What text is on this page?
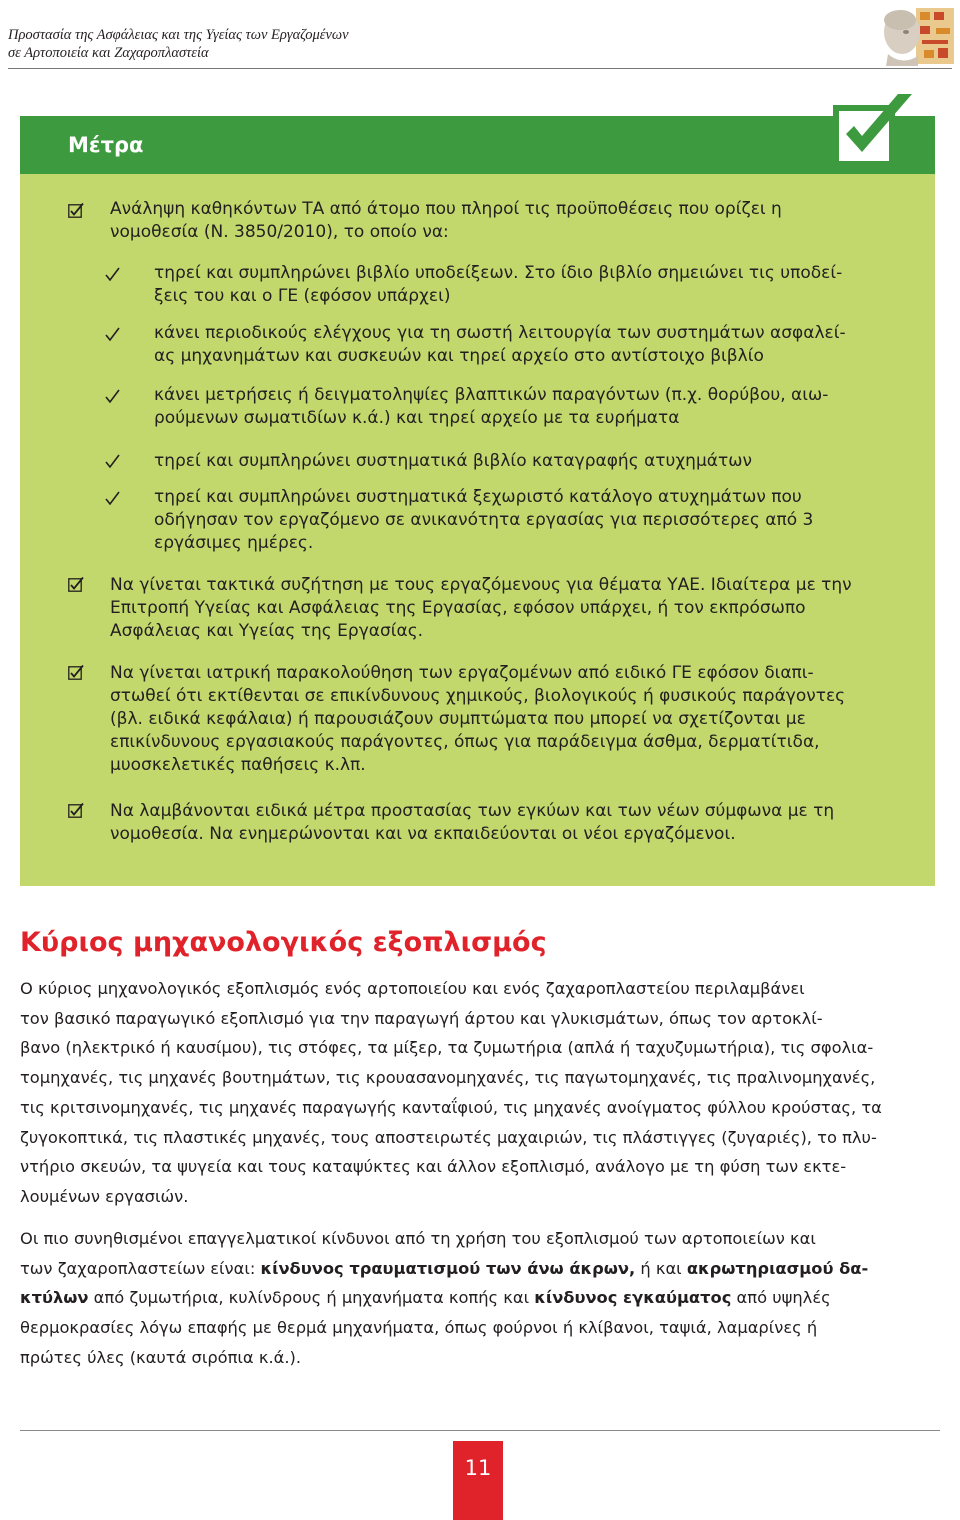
Προστασία της Ασφάλειας και της Υγείας των Εργαζομένων
σε Αρτοποιεία και Ζαχαροπλαστεία
Μέτρα

Ανάληψη καθηκόντων ΤΑ από άτομο που πληροί τις προϋποθέσεις που ορίζει η

νομοθεσία (Ν. 3850/2010), το οποίο να:

τηρεί και συμπληρώνει βιβλίο υποδείξεων. Στο ίδιο βιβλίο σημειώνει τις υποδεί-

ξεις του και ο ΓΕ (εφόσον υπάρχει)

κάνει περιοδικούς ελέγχους για τη σωστή λειτουργία των συστημάτων ασφαλεί-

ας μηχανημάτων και συσκευών και τηρεί αρχείο στο αντίστοιχο βιβλίο

κάνει μετρήσεις ή δειγματοληψίες βλαπτικών παραγόντων (π.χ. θορύβου, αιω-

ρούμενων σωματιδίων κ.ά.) και τηρεί αρχείο με τα ευρήματα

τηρεί και συμπληρώνει συστηματικά βιβλίο καταγραφής ατυχημάτων

τηρεί και συμπληρώνει συστηματικά ξεχωριστό κατάλογο ατυχημάτων που

οδήγησαν τον εργαζόμενο σε ανικανότητα εργασίας για περισσότερες από 3

εργάσιμες ημέρες.

Να γίνεται τακτικά συζήτηση με τους εργαζόμενους για θέματα ΥΑΕ. Ιδιαίτερα με την

Επιτροπή Υγείας και Ασφάλειας της Εργασίας, εφόσον υπάρχει, ή τον εκπρόσωπο

Ασφάλειας και Υγείας της Εργασίας.

Να γίνεται ιατρική παρακολούθηση των εργαζομένων από ειδικό ΓΕ εφόσον διαπι-

στωθεί ότι εκτίθενται σε επικίνδυνους χημικούς, βιολογικούς ή φυσικούς παράγοντες

(βλ. ειδικά κεφάλαια) ή παρουσιάζουν συμπτώματα που μπορεί να σχετίζονται με

επικίνδυνους εργασιακούς παράγοντες, όπως για παράδειγμα άσθμα, δερματίτιδα,

μυοσκελετικές παθήσεις κ.λπ.

Να λαμβάνονται ειδικά μέτρα προστασίας των εγκύων και των νέων σύμφωνα με τη

νομοθεσία. Να ενημερώνονται και να εκπαιδεύονται οι νέοι εργαζόμενοι.

Κύριος μηχανολογικός εξοπλισμός
Ο κύριος μηχανολογικός εξοπλισμός ενός αρτοποιείου και ενός ζαχαροπλαστείου περιλαμβάνει
τον βασικό παραγωγικό εξοπλισμό για την παραγωγή άρτου και γλυκισμάτων, όπως τον αρτοκλί-
βανο (ηλεκτρικό ή καυσίμου), τις στόφες, τα μίξερ, τα ζυμωτήρια (απλά ή ταχυζυμωτήρια), τις σφολια-
τομηχανές, τις μηχανές βουτημάτων, τις κρουασανομηχανές, τις παγωτομηχανές, τις πραλινομηχανές,
τις κριτσινομηχανές, τις μηχανές παραγωγής κανταΐφιού, τις μηχανές ανοίγματος φύλλου κρούστας, τα
ζυγοκοπτικά, τις πλαστικές μηχανές, τους αποστειρωτές μαχαιριών, τις πλάστιγγες (ζυγαριές), το πλυ-
ντήριο σκευών, τα ψυγεία και τους καταψύκτες και άλλον εξοπλισμό, ανάλογο με τη φύση των εκτε-
λουμένων εργασιών.
Οι πιο συνηθισμένοι επαγγελματικοί κίνδυνοι από τη χρήση του εξοπλισμού των αρτοποιείων και
των ζαχαροπλαστείων είναι: κίνδυνος τραυματισμού των άνω άκρων, ή και ακρωτηριασμού δα-
κτύλων από ζυμωτήρια, κυλίνδρους ή μηχανήματα κοπής και κίνδυνος εγκαύματος από υψηλές
θερμοκρασίες λόγω επαφής με θερμά μηχανήματα, όπως φούρνοι ή κλίβανοι, ταψιά, λαμαρίνες ή
πρώτες ύλες (καυτά σιρόπια κ.ά.).
11
